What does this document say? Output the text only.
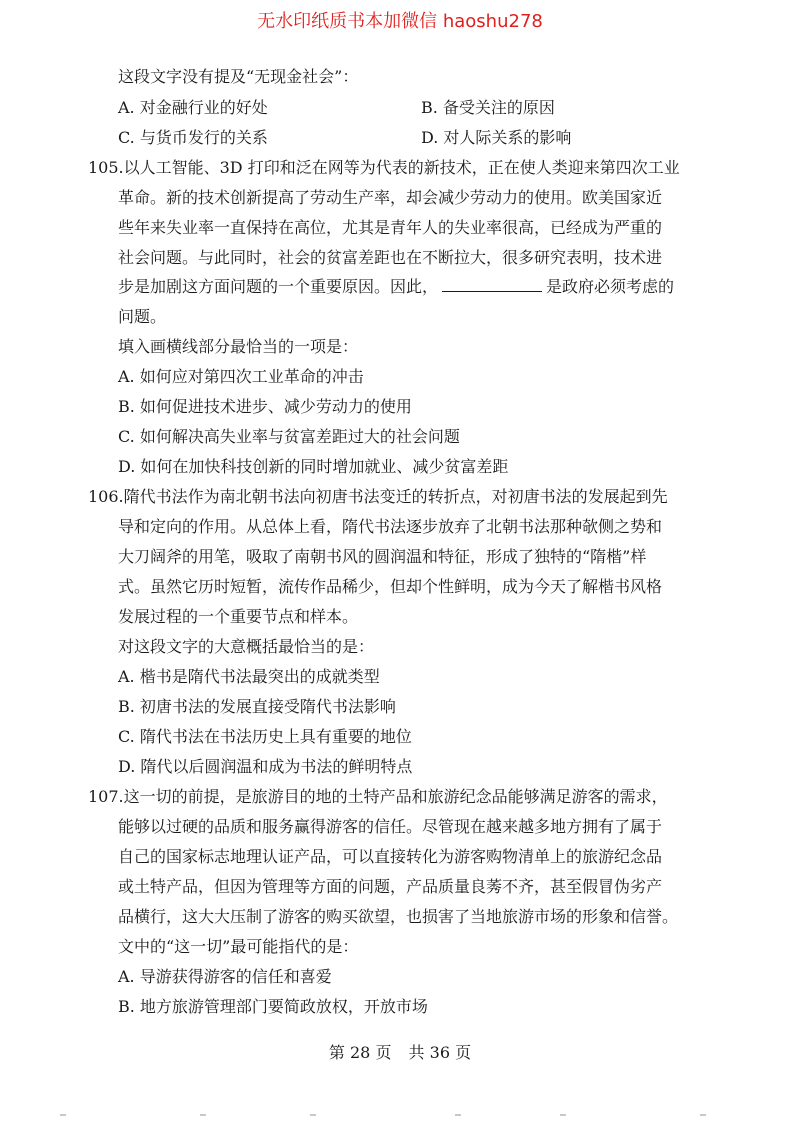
无水印纸质书本加微信 haoshu278
这段文字没有提及“无现金社会”：
A. 对金融行业的好处	B. 备受关注的原因
C. 与货币发行的关系	D. 对人际关系的影响
105.以人工智能、3D 打印和泛在网等为代表的新技术，正在使人类迎来第四次工业
革命。新的技术创新提高了劳动生产率，却会减少劳动力的使用。欧美国家近
些年来失业率一直保持在高位，尤其是青年人的失业率很高，已经成为严重的
社会问题。与此同时，社会的贫富差距也在不断拉大，很多研究表明，技术进
步是加剧这方面问题的一个重要原因。因此，	是政府必须考虑的
问题。
填入画横线部分最恰当的一项是：
A. 如何应对第四次工业革命的冲击
B. 如何促进技术进步、减少劳动力的使用
C. 如何解决高失业率与贫富差距过大的社会问题
D. 如何在加快科技创新的同时增加就业、减少贫富差距
106.隋代书法作为南北朝书法向初唐书法变迁的转折点，对初唐书法的发展起到先
导和定向的作用。从总体上看，隋代书法逐步放弃了北朝书法那种欹侧之势和
大刀阔斧的用笔，吸取了南朝书风的圆润温和特征，形成了独特的“隋楷”样
式。虽然它历时短暂，流传作品稀少，但却个性鲜明，成为今天了解楷书风格
发展过程的一个重要节点和样本。
对这段文字的大意概括最恰当的是：
A. 楷书是隋代书法最突出的成就类型
B. 初唐书法的发展直接受隋代书法影响
C. 隋代书法在书法历史上具有重要的地位
D. 隋代以后圆润温和成为书法的鲜明特点
107.这一切的前提，是旅游目的地的土特产品和旅游纪念品能够满足游客的需求，
能够以过硬的品质和服务赢得游客的信任。尽管现在越来越多地方拥有了属于
自己的国家标志地理认证产品，可以直接转化为游客购物清单上的旅游纪念品
或土特产品，但因为管理等方面的问题，产品质量良莠不齐，甚至假冒伪劣产
品横行，这大大压制了游客的购买欲望，也损害了当地旅游市场的形象和信誉。
文中的“这一切”最可能指代的是：
A. 导游获得游客的信任和喜爱
B. 地方旅游管理部门要简政放权，开放市场
第 28 页 共 36 页
